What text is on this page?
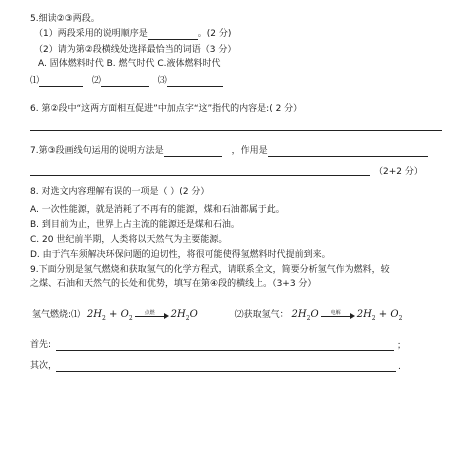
5.细读②③两段。
（1）两段采用的说明顺序是	。(2 分)
（2）请为第②段横线处选择最恰当的词语（3 分）
A. 固体燃料时代 B. 燃气时代 C.液体燃料时代
⑴	⑵	⑶
6. 第②段中“这两方面相互促进”中加点字“这”指代的内容是:( 2 分）
7.第③段画线句运用的说明方法是	，作用是
（2+2 分）
8. 对选文内容理解有误的一项是（ ）(2 分）
A. 一次性能源，就是消耗了不再有的能源，煤和石油都属于此。
B. 到目前为止，世界上占主流的能源还是煤和石油。
C. 20 世纪前半期，人类将以天然气为主要能源。
D. 由于汽车须解决环保问题的迫切性，将很可能使得氢燃料时代提前到来。
9.下面分别是氢气燃烧和获取氢气的化学方程式，请联系全文，简要分析氢气作为燃料，较
之煤、石油和天然气的长处和优势，填写在第④段的横线上。（3+3 分）
氢气燃烧:⑴ $2H_2 + O_2$
点燃	$2H_2O$	⑵获取氢气： $2H_2O$	电解	$2H_2 + O_2$
首先:	；
其次，	.
